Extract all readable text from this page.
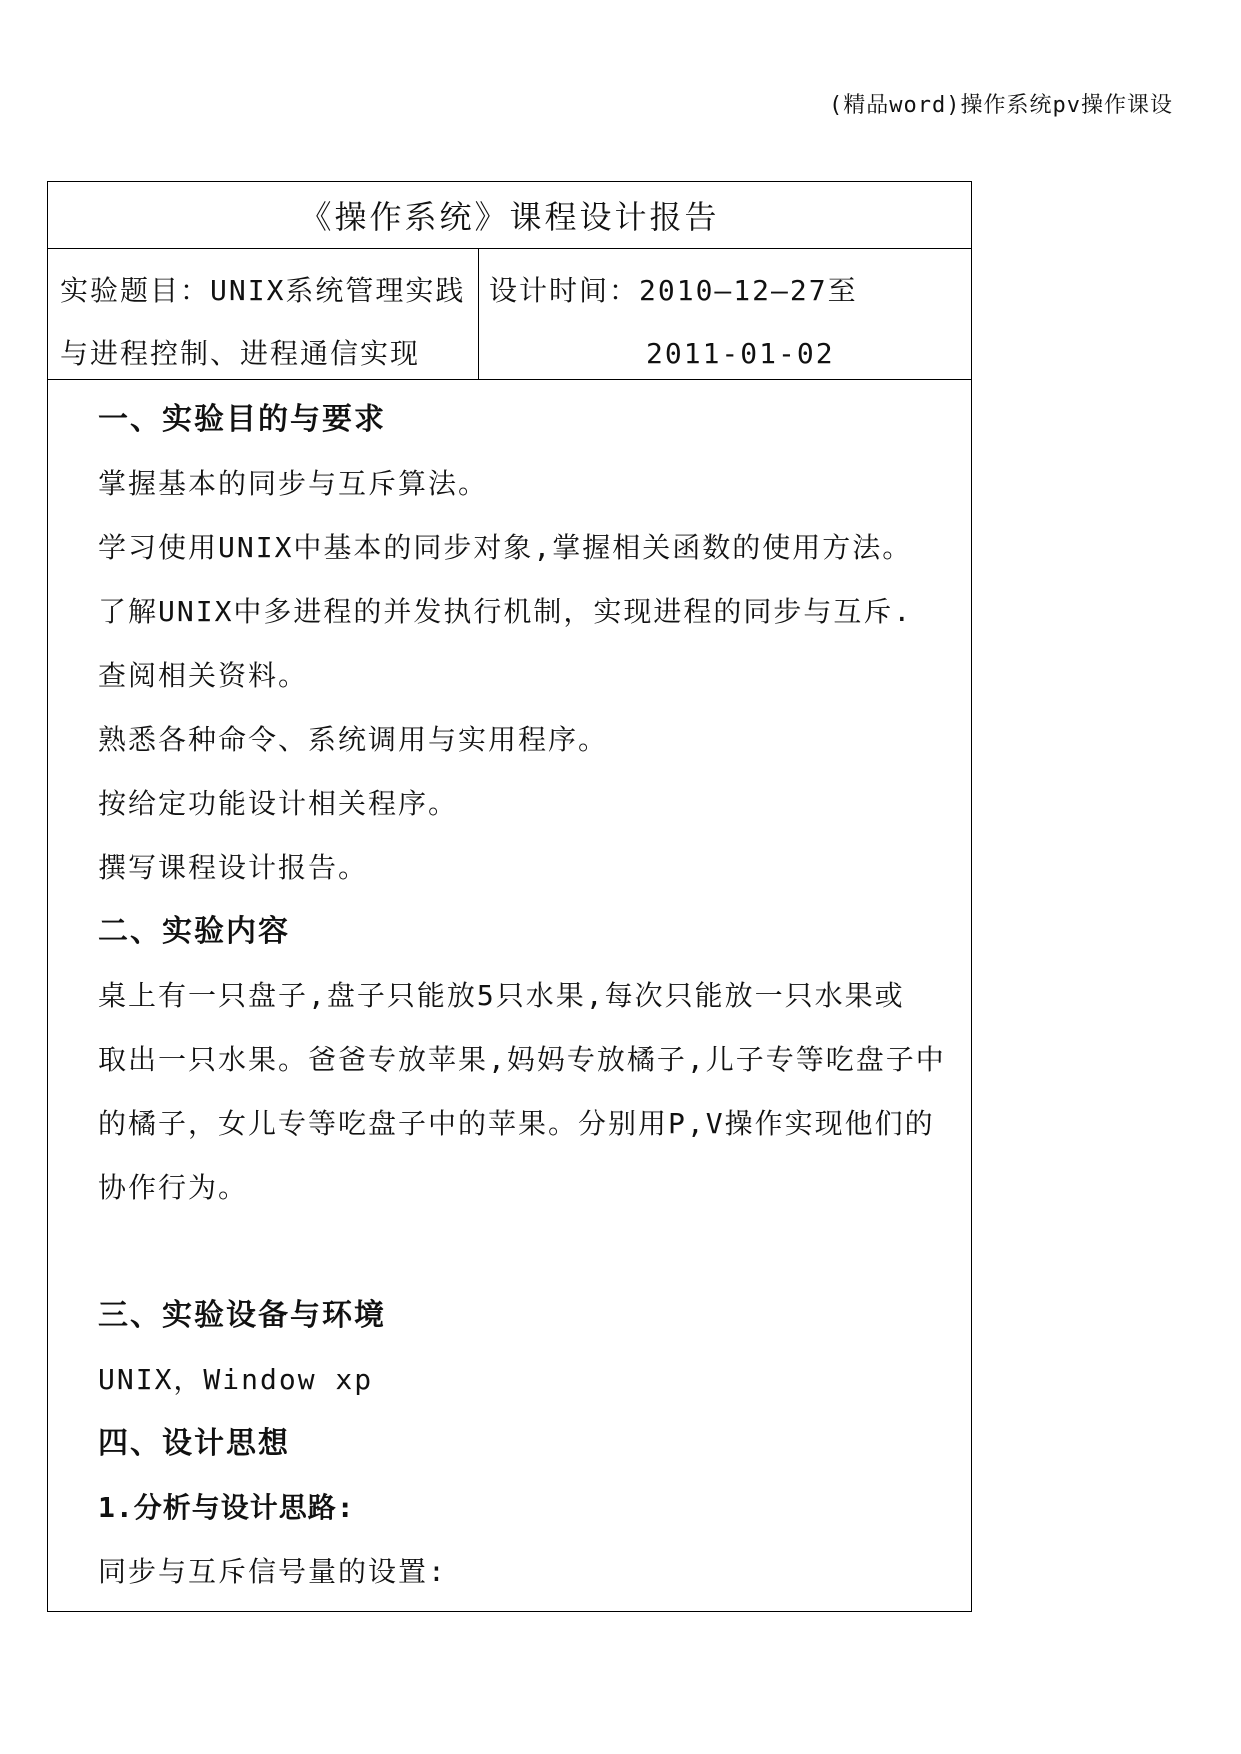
(精品word)操作系统pv操作课设
《操作系统》课程设计报告
实验题目：UNIX系统管理实践
与进程控制、进程通信实现
设计时间：2010—12—27至
2011-01-02
一、实验目的与要求
掌握基本的同步与互斥算法。
学习使用UNIX中基本的同步对象,掌握相关函数的使用方法。
了解UNIX中多进程的并发执行机制，实现进程的同步与互斥.
查阅相关资料。
熟悉各种命令、系统调用与实用程序。
按给定功能设计相关程序。
撰写课程设计报告。
二、实验内容
桌上有一只盘子,盘子只能放5只水果,每次只能放一只水果或
取出一只水果。爸爸专放苹果,妈妈专放橘子,儿子专等吃盘子中
的橘子，女儿专等吃盘子中的苹果。分别用P,V操作实现他们的
协作行为。
三、实验设备与环境
UNIX，Window xp
四、设计思想
1.分析与设计思路:
同步与互斥信号量的设置:
